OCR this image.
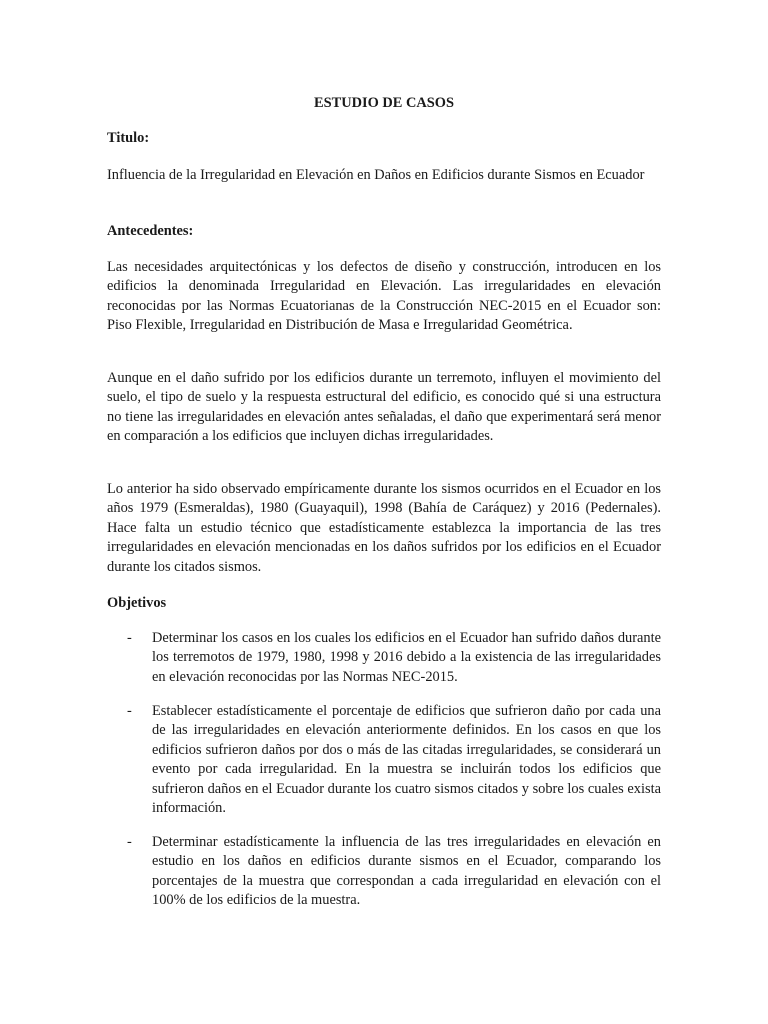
ESTUDIO DE CASOS
Titulo:

Influencia de la Irregularidad en Elevación en Daños en Edificios durante Sismos en Ecuador

Antecedentes:

Las necesidades arquitectónicas y los defectos de diseño y construcción, introducen en los edificios la denominada Irregularidad en Elevación. Las irregularidades en elevación reconocidas por las Normas Ecuatorianas de la Construcción NEC-2015 en el Ecuador son: Piso Flexible, Irregularidad en Distribución de Masa e Irregularidad Geométrica.

Aunque en el daño sufrido por los edificios durante un terremoto, influyen el movimiento del suelo, el tipo de suelo y la respuesta estructural del edificio, es conocido qué si una estructura no tiene las irregularidades en elevación antes señaladas, el daño que experimentará será menor en comparación a los edificios que incluyen dichas irregularidades.

Lo anterior ha sido observado empíricamente durante los sismos ocurridos en el Ecuador en los años 1979 (Esmeraldas), 1980 (Guayaquil), 1998 (Bahía de Caráquez) y 2016 (Pedernales). Hace falta un estudio técnico que estadísticamente establezca la importancia de las tres irregularidades en elevación mencionadas en los daños sufridos por los edificios en el Ecuador durante los citados sismos.

Objetivos
- Determinar los casos en los cuales los edificios en el Ecuador han sufrido daños durante los terremotos de 1979, 1980, 1998 y 2016 debido a la existencia de las irregularidades en elevación reconocidas por las Normas NEC-2015.

- Establecer estadísticamente el porcentaje de edificios que sufrieron daño por cada una de las irregularidades en elevación anteriormente definidos. En los casos en que los edificios sufrieron daños por dos o más de las citadas irregularidades, se considerará un evento por cada irregularidad. En la muestra se incluirán todos los edificios que sufrieron daños en el Ecuador durante los cuatro sismos citados y sobre los cuales exista información.

- Determinar estadísticamente la influencia de las tres irregularidades en elevación en estudio en los daños en edificios durante sismos en el Ecuador, comparando los porcentajes de la muestra que correspondan a cada irregularidad en elevación con el 100% de los edificios de la muestra.
